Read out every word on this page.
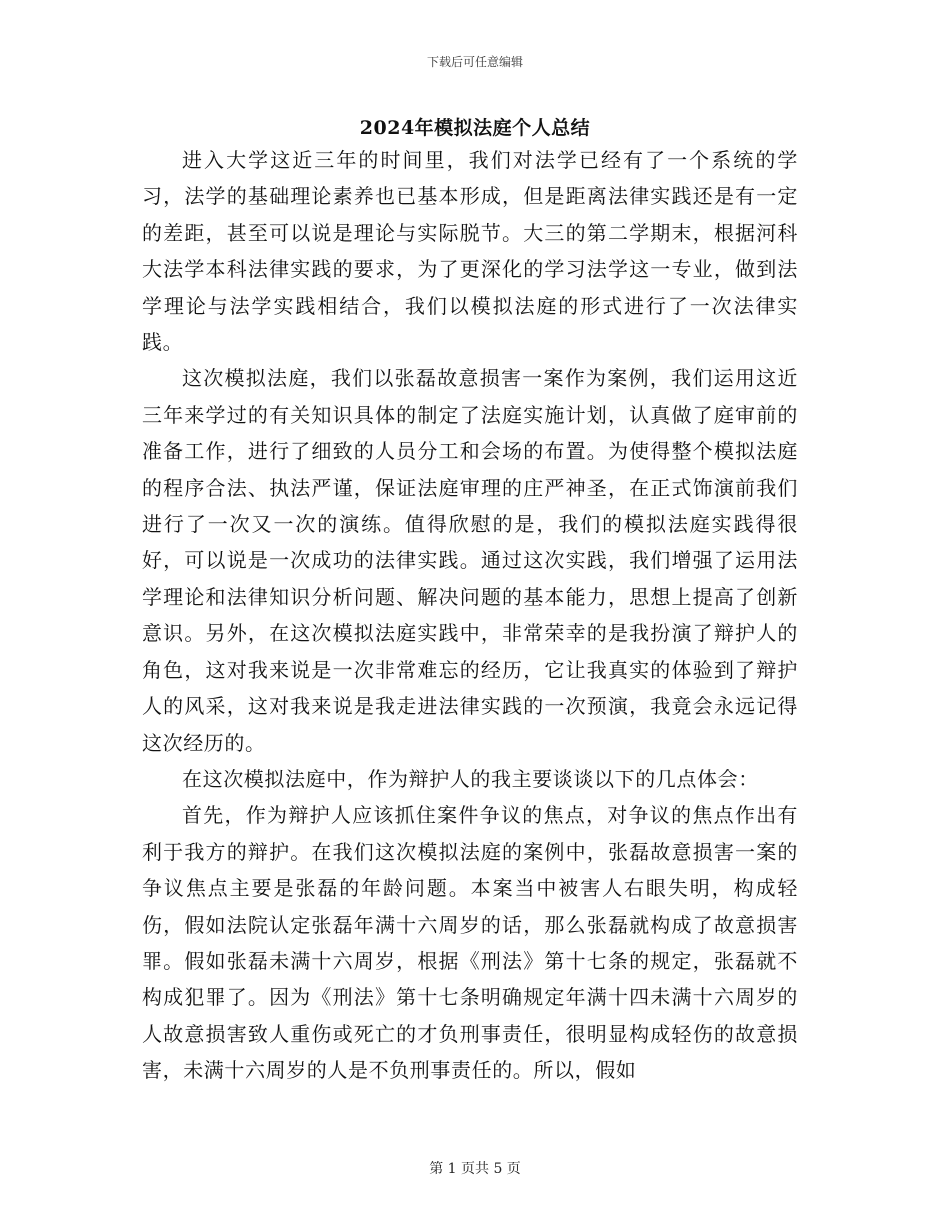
下载后可任意编辑
2024年模拟法庭个人总结

进入大学这近三年的时间里，我们对法学已经有了一个系统的学习，法学的基础理论素养也已基本形成，但是距离法律实践还是有一定的差距，甚至可以说是理论与实际脱节。大三的第二学期末，根据河科大法学本科法律实践的要求，为了更深化的学习法学这一专业，做到法学理论与法学实践相结合，我们以模拟法庭的形式进行了一次法律实践。

这次模拟法庭，我们以张磊故意损害一案作为案例，我们运用这近三年来学过的有关知识具体的制定了法庭实施计划，认真做了庭审前的准备工作，进行了细致的人员分工和会场的布置。为使得整个模拟法庭的程序合法、执法严谨，保证法庭审理的庄严神圣，在正式饰演前我们进行了一次又一次的演练。值得欣慰的是，我们的模拟法庭实践得很好，可以说是一次成功的法律实践。通过这次实践，我们增强了运用法学理论和法律知识分析问题、解决问题的基本能力，思想上提高了创新意识。另外，在这次模拟法庭实践中，非常荣幸的是我扮演了辩护人的角色，这对我来说是一次非常难忘的经历，它让我真实的体验到了辩护人的风采，这对我来说是我走进法律实践的一次预演，我竟会永远记得这次经历的。

在这次模拟法庭中，作为辩护人的我主要谈谈以下的几点体会：

首先，作为辩护人应该抓住案件争议的焦点，对争议的焦点作出有利于我方的辩护。在我们这次模拟法庭的案例中，张磊故意损害一案的争议焦点主要是张磊的年龄问题。本案当中被害人右眼失明，构成轻伤，假如法院认定张磊年满十六周岁的话，那么张磊就构成了故意损害罪。假如张磊未满十六周岁，根据《刑法》第十七条的规定，张磊就不构成犯罪了。因为《刑法》第十七条明确规定年满十四未满十六周岁的人故意损害致人重伤或死亡的才负刑事责任，很明显构成轻伤的故意损害，未满十六周岁的人是不负刑事责任的。所以，假如

第 1 页共 5 页
